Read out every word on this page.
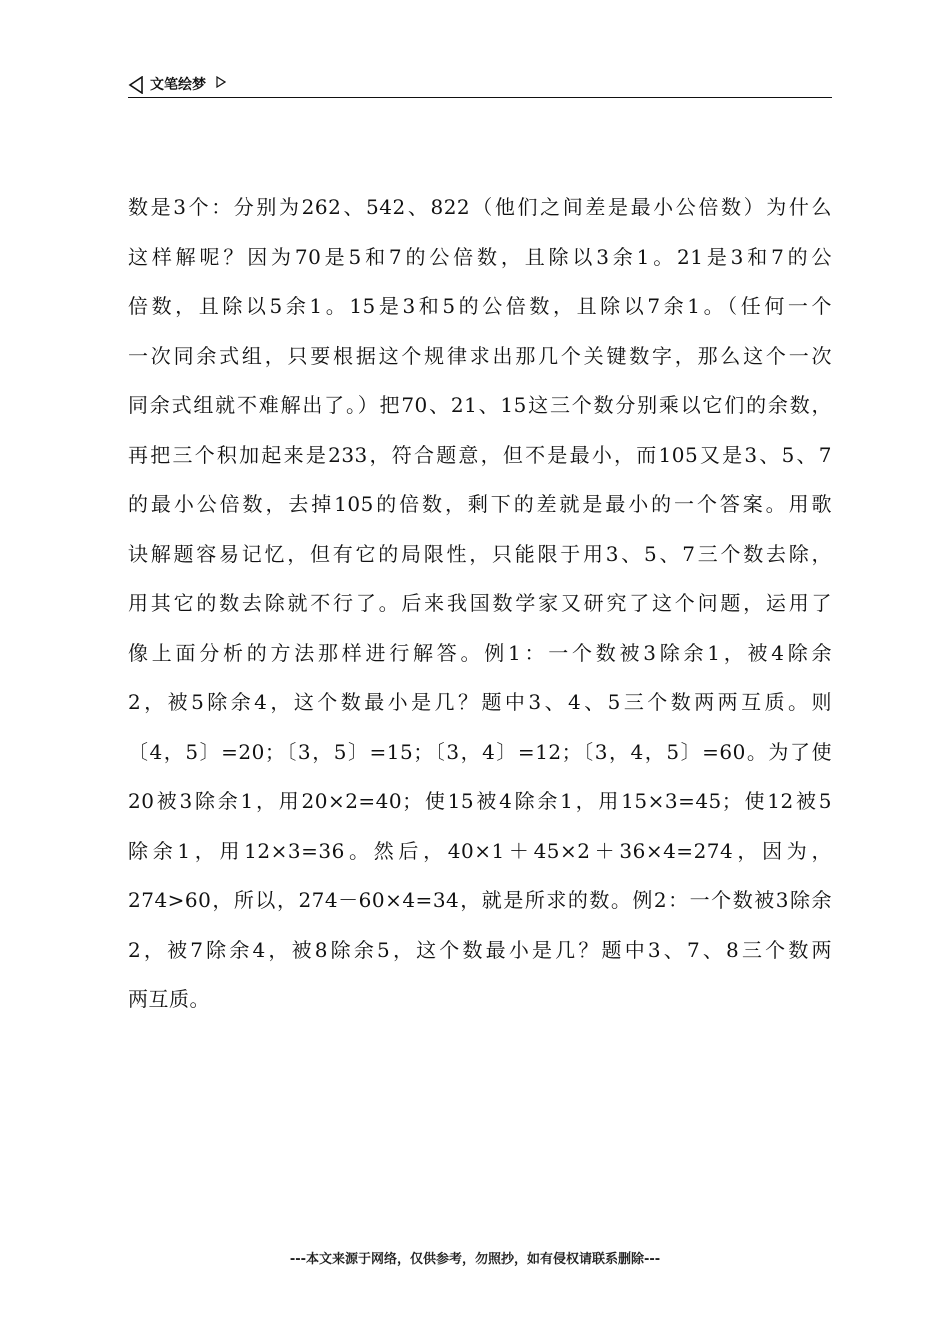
文笔绘梦
数是3个：分别为262、542、822（他们之间差是最小公倍数）为什么
这样解呢？因为70是5和7的公倍数，且除以3余1。21是3和7的公
倍数，且除以5余1。15是3和5的公倍数，且除以7余1。（任何一个
一次同余式组，只要根据这个规律求出那几个关键数字，那么这个一次
同余式组就不难解出了。）把70、21、15这三个数分别乘以它们的余数，
再把三个积加起来是233，符合题意，但不是最小，而105又是3、5、7
的最小公倍数，去掉105的倍数，剩下的差就是最小的一个答案。用歌
诀解题容易记忆，但有它的局限性，只能限于用3、5、7三个数去除，
用其它的数去除就不行了。后来我国数学家又研究了这个问题，运用了
像上面分析的方法那样进行解答。例1：一个数被3除余1，被4除余
2，被5除余4，这个数最小是几？题中3、4、5三个数两两互质。则
〔4，5〕=20；〔3，5〕=15；〔3，4〕=12；〔3，4，5〕=60。为了使
20被3除余1，用20×2=40；使15被4除余1，用15×3=45；使12被5
除余1，用12×3=36。然后，40×1＋45×2＋36×4=274，因为，
274>60，所以，274－60×4=34，就是所求的数。例2：一个数被3除余
2，被7除余4，被8除余5，这个数最小是几？题中3、7、8三个数两
两互质。
---本文来源于网络，仅供参考，勿照抄，如有侵权请联系删除---
